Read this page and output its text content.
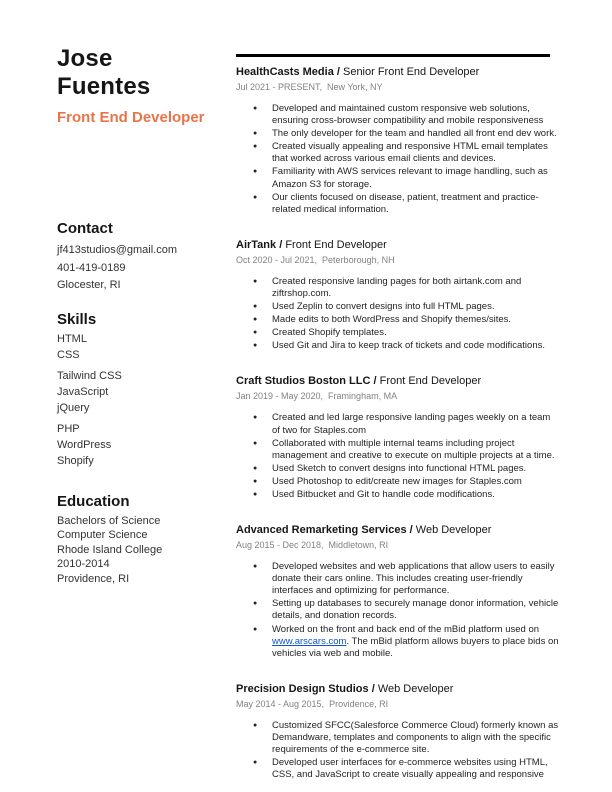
Jose Fuentes
Front End Developer
Contact
jf413studios@gmail.com
401-419-0189
Glocester, RI
Skills
HTML
CSS
Tailwind CSS
JavaScript
jQuery
PHP
WordPress
Shopify
Education
Bachelors of Science
Computer Science
Rhode Island College
2010-2014
Providence, RI
HealthCasts Media / Senior Front End Developer
Jul 2021 - PRESENT,  New York, NY
● Developed and maintained custom responsive web solutions, ensuring cross-browser compatibility and mobile responsiveness
● The only developer for the team and handled all front end dev work.
● Created visually appealing and responsive HTML email templates that worked across various email clients and devices.
● Familiarity with AWS services relevant to image handling, such as Amazon S3 for storage.
● Our clients focused on disease, patient, treatment and practice-related medical information.
AirTank / Front End Developer
Oct 2020 - Jul 2021,  Peterborough, NH
● Created responsive landing pages for both airtank.com and ziftrshop.com.
● Used Zeplin to convert designs into full HTML pages.
● Made edits to both WordPress and Shopify themes/sites.
● Created Shopify templates.
● Used Git and Jira to keep track of tickets and code modifications.
Craft Studios Boston LLC / Front End Developer
Jan 2019 - May 2020,  Framingham, MA
● Created and led large responsive landing pages weekly on a team of two for Staples.com
● Collaborated with multiple internal teams including project management and creative to execute on multiple projects at a time.
● Used Sketch to convert designs into functional HTML pages.
● Used Photoshop to edit/create new images for Staples.com
● Used Bitbucket and Git to handle code modifications.
Advanced Remarketing Services / Web Developer
Aug 2015 - Dec 2018,  Middletown, RI
● Developed websites and web applications that allow users to easily donate their cars online. This includes creating user-friendly interfaces and optimizing for performance.
● Setting up databases to securely manage donor information, vehicle details, and donation records.
● Worked on the front and back end of the mBid platform used on www.arscars.com. The mBid platform allows buyers to place bids on vehicles via web and mobile.
Precision Design Studios / Web Developer
May 2014 - Aug 2015,  Providence, RI
● Customized SFCC(Salesforce Commerce Cloud) formerly known as Demandware, templates and components to align with the specific requirements of the e-commerce site.
● Developed user interfaces for e-commerce websites using HTML, CSS, and JavaScript to create visually appealing and responsive
